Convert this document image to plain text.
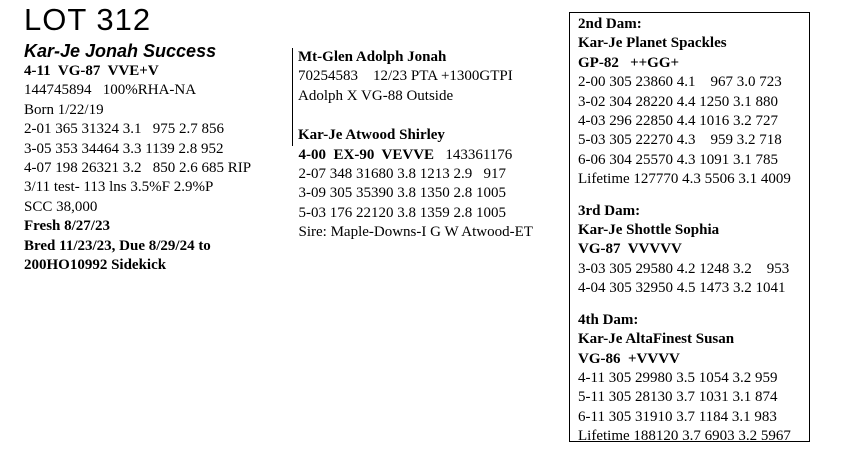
LOT 312
Kar-Je Jonah Success
4-11  VG-87  VVE+V
144745894   100%RHA-NA
Born 1/22/19
2-01 365 31324 3.1   975 2.7 856
3-05 353 34464 3.3 1139 2.8 952
4-07 198 26321 3.2   850 2.6 685 RIP
3/11 test- 113 lns 3.5%F 2.9%P
SCC 38,000
Fresh 8/27/23
Bred 11/23/23, Due 8/29/24 to
200HO10992 Sidekick
Mt-Glen Adolph Jonah
70254583    12/23 PTA +1300GTPI
Adolph X VG-88 Outside
Kar-Je Atwood Shirley
4-00  EX-90  VEVVE 143361176
2-07 348 31680 3.8 1213 2.9   917
3-09 305 35390 3.8 1350 2.8 1005
5-03 176 22120 3.8 1359 2.8 1005
Sire: Maple-Downs-I G W Atwood-ET
2nd Dam:
Kar-Je Planet Spackles
GP-82   ++GG+
2-00 305 23860 4.1    967 3.0 723
3-02 304 28220 4.4 1250 3.1 880
4-03 296 22850 4.4 1016 3.2 727
5-03 305 22270 4.3    959 3.2 718
6-06 304 25570 4.3 1091 3.1 785
Lifetime 127770 4.3 5506 3.1 4009
3rd Dam:
Kar-Je Shottle Sophia
VG-87  VVVVV
3-03 305 29580 4.2 1248 3.2    953
4-04 305 32950 4.5 1473 3.2 1041
4th Dam:
Kar-Je AltaFinest Susan
VG-86  +VVVV
4-11 305 29980 3.5 1054 3.2 959
5-11 305 28130 3.7 1031 3.1 874
6-11 305 31910 3.7 1184 3.1 983
Lifetime 188120 3.7 6903 3.2 5967
